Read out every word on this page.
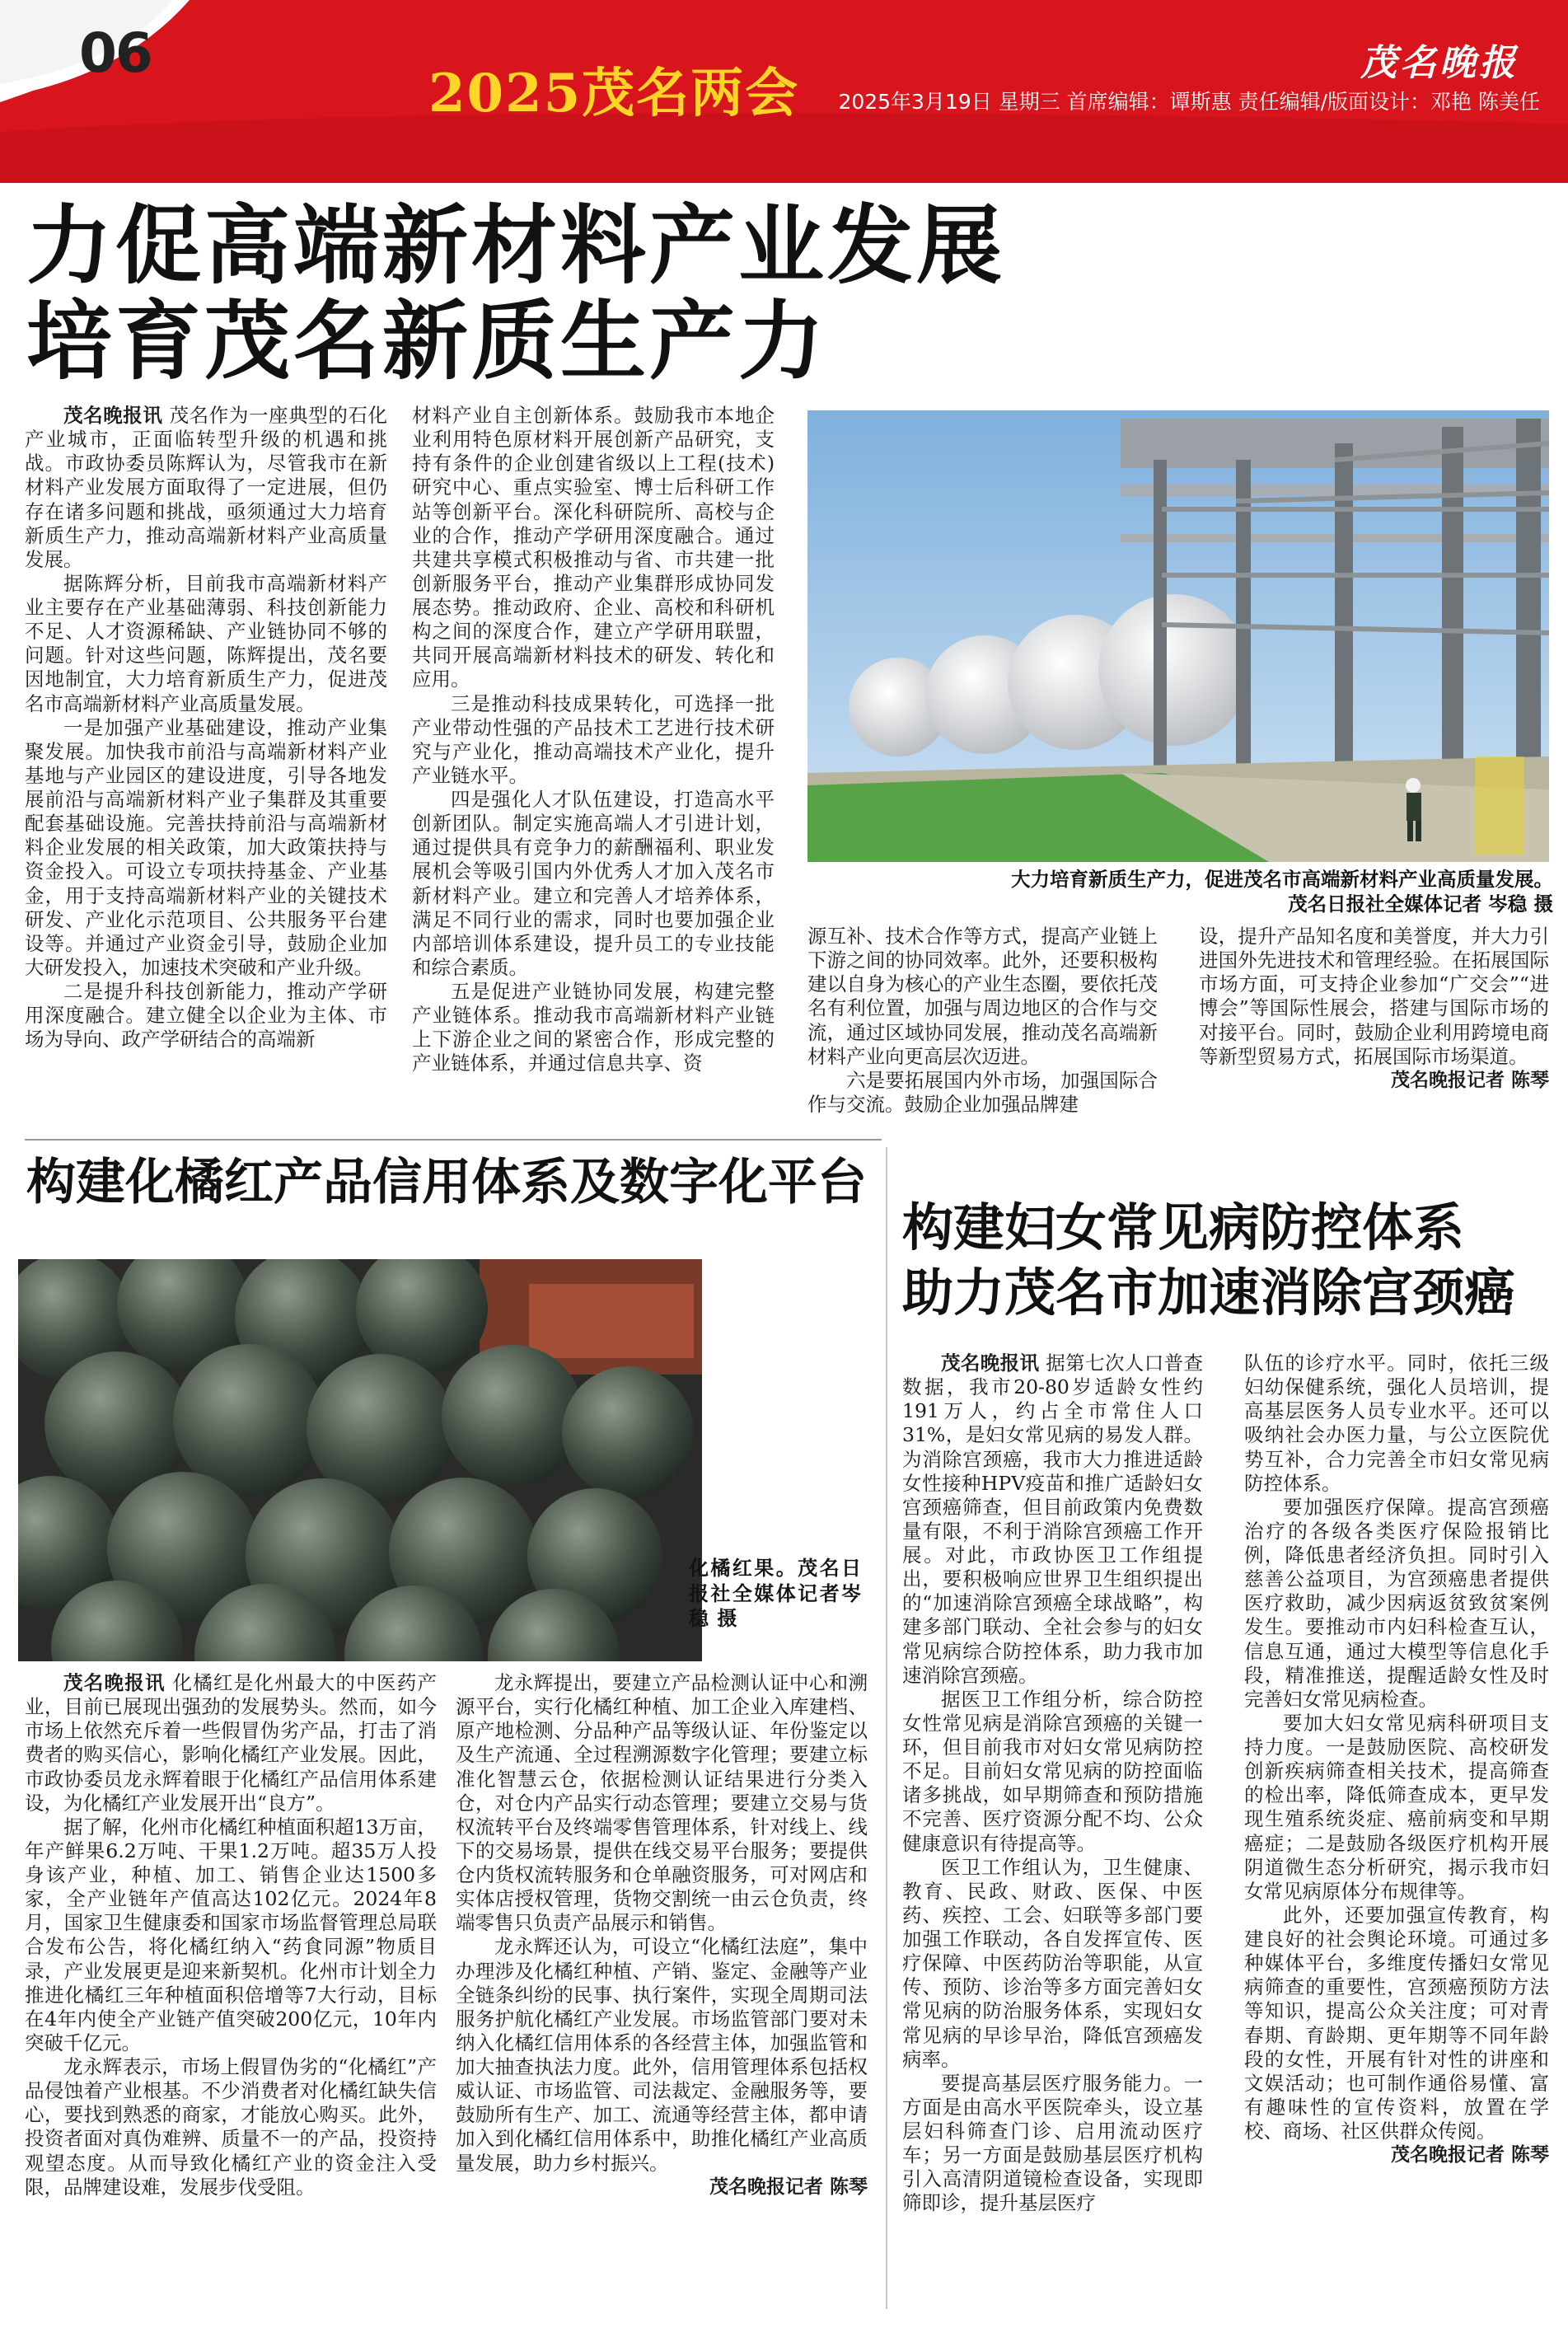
06
2025茂名两会	茂名晚报
2025年3月19日 星期三 首席编辑：谭斯惠 责任编辑/版面设计：邓艳 陈美任
力促高端新材料产业发展
培育茂名新质生产力

茂名晚报讯 茂名作为一座典型的石化产业城市，正面临转型升级的机遇和挑战。市政协委员陈辉认为，尽管我市在新材料产业发展方面取得了一定进展，但仍存在诸多问题和挑战，亟须通过大力培育新质生产力，推动高端新材料产业高质量发展。

据陈辉分析，目前我市高端新材料产业主要存在产业基础薄弱、科技创新能力不足、人才资源稀缺、产业链协同不够的问题。针对这些问题，陈辉提出，茂名要因地制宜，大力培育新质生产力，促进茂名市高端新材料产业高质量发展。

一是加强产业基础建设，推动产业集聚发展。加快我市前沿与高端新材料产业基地与产业园区的建设进度，引导各地发展前沿与高端新材料产业子集群及其重要配套基础设施。完善扶持前沿与高端新材料企业发展的相关政策，加大政策扶持与资金投入。可设立专项扶持基金、产业基金，用于支持高端新材料产业的关键技术研发、产业化示范项目、公共服务平台建设等。并通过产业资金引导，鼓励企业加大研发投入，加速技术突破和产业升级。

二是提升科技创新能力，推动产学研用深度融合。建立健全以企业为主体、市场为导向、政产学研结合的高端新

材料产业自主创新体系。鼓励我市本地企业利用特色原材料开展创新产品研究，支持有条件的企业创建省级以上工程(技术)研究中心、重点实验室、博士后科研工作站等创新平台。深化科研院所、高校与企业的合作，推动产学研用深度融合。通过共建共享模式积极推动与省、市共建一批创新服务平台，推动产业集群形成协同发展态势。推动政府、企业、高校和科研机构之间的深度合作，建立产学研用联盟，共同开展高端新材料技术的研发、转化和应用。

三是推动科技成果转化，可选择一批产业带动性强的产品技术工艺进行技术研究与产业化，推动高端技术产业化，提升产业链水平。

四是强化人才队伍建设，打造高水平创新团队。制定实施高端人才引进计划，通过提供具有竞争力的薪酬福利、职业发展机会等吸引国内外优秀人才加入茂名市新材料产业。建立和完善人才培养体系，满足不同行业的需求，同时也要加强企业内部培训体系建设，提升员工的专业技能和综合素质。

五是促进产业链协同发展，构建完整产业链体系。推动我市高端新材料产业链上下游企业之间的紧密合作，形成完整的产业链体系，并通过信息共享、资

源互补、技术合作等方式，提高产业链上下游之间的协同效率。此外，还要积极构建以自身为核心的产业生态圈，要依托茂名有利位置，加强与周边地区的合作与交流，通过区域协同发展，推动茂名高端新材料产业向更高层次迈进。

六是要拓展国内外市场，加强国际合作与交流。鼓励企业加强品牌建

设，提升产品知名度和美誉度，并大力引进国外先进技术和管理经验。在拓展国际市场方面，可支持企业参加“广交会”“进博会”等国际性展会，搭建与国际市场的对接平台。同时，鼓励企业利用跨境电商等新型贸易方式，拓展国际市场渠道。

茂名晚报记者 陈琴

大力培育新质生产力，促进茂名市高端新材料产业高质量发展。
茂名日报社全媒体记者 岑稳 摄
构建化橘红产品信用体系及数字化平台
化橘红果。茂名日报社全媒体记者岑稳 摄

茂名晚报讯 化橘红是化州最大的中医药产业，目前已展现出强劲的发展势头。然而，如今市场上依然充斥着一些假冒伪劣产品，打击了消费者的购买信心，影响化橘红产业发展。因此，市政协委员龙永辉着眼于化橘红产品信用体系建设，为化橘红产业发展开出“良方”。

据了解，化州市化橘红种植面积超13万亩，年产鲜果6.2万吨、干果1.2万吨。超35万人投身该产业，种植、加工、销售企业达1500多家，全产业链年产值高达102亿元。2024年8月，国家卫生健康委和国家市场监督管理总局联合发布公告，将化橘红纳入“药食同源”物质目录，产业发展更是迎来新契机。化州市计划全力推进化橘红三年种植面积倍增等7大行动，目标在4年内使全产业链产值突破200亿元，10年内突破千亿元。

龙永辉表示，市场上假冒伪劣的“化橘红”产品侵蚀着产业根基。不少消费者对化橘红缺失信心，要找到熟悉的商家，才能放心购买。此外，投资者面对真伪难辨、质量不一的产品，投资持观望态度。从而导致化橘红产业的资金注入受限，品牌建设难，发展步伐受阻。

龙永辉提出，要建立产品检测认证中心和溯源平台，实行化橘红种植、加工企业入库建档、原产地检测、分品种产品等级认证、年份鉴定以及生产流通、全过程溯源数字化管理；要建立标准化智慧云仓，依据检测认证结果进行分类入仓，对仓内产品实行动态管理；要建立交易与货权流转平台及终端零售管理体系，针对线上、线下的交易场景，提供在线交易平台服务；要提供仓内货权流转服务和仓单融资服务，可对网店和实体店授权管理，货物交割统一由云仓负责，终端零售只负责产品展示和销售。

龙永辉还认为，可设立“化橘红法庭”，集中办理涉及化橘红种植、产销、鉴定、金融等产业全链条纠纷的民事、执行案件，实现全周期司法服务护航化橘红产业发展。市场监管部门要对未纳入化橘红信用体系的各经营主体，加强监管和加大抽查执法力度。此外，信用管理体系包括权威认证、市场监管、司法裁定、金融服务等，要鼓励所有生产、加工、流通等经营主体，都申请加入到化橘红信用体系中，助推化橘红产业高质量发展，助力乡村振兴。

茂名晚报记者 陈琴

构建妇女常见病防控体系
助力茂名市加速消除宫颈癌

茂名晚报讯 据第七次人口普查数据，我市20-80岁适龄女性约191万人，约占全市常住人口31%，是妇女常见病的易发人群。为消除宫颈癌，我市大力推进适龄女性接种HPV疫苗和推广适龄妇女宫颈癌筛查，但目前政策内免费数量有限，不利于消除宫颈癌工作开展。对此，市政协医卫工作组提出，要积极响应世界卫生组织提出的“加速消除宫颈癌全球战略”，构建多部门联动、全社会参与的妇女常见病综合防控体系，助力我市加速消除宫颈癌。

据医卫工作组分析，综合防控女性常见病是消除宫颈癌的关键一环，但目前我市对妇女常见病防控不足。目前妇女常见病的防控面临诸多挑战，如早期筛查和预防措施不完善、医疗资源分配不均、公众健康意识有待提高等。

医卫工作组认为，卫生健康、教育、民政、财政、医保、中医药、疾控、工会、妇联等多部门要加强工作联动，各自发挥宣传、医疗保障、中医药防治等职能，从宣传、预防、诊治等多方面完善妇女常见病的防治服务体系，实现妇女常见病的早诊早治，降低宫颈癌发病率。

要提高基层医疗服务能力。一方面是由高水平医院牵头，设立基层妇科筛查门诊、启用流动医疗车；另一方面是鼓励基层医疗机构引入高清阴道镜检查设备，实现即筛即诊，提升基层医疗

队伍的诊疗水平。同时，依托三级妇幼保健系统，强化人员培训，提高基层医务人员专业水平。还可以吸纳社会办医力量，与公立医院优势互补，合力完善全市妇女常见病防控体系。

要加强医疗保障。提高宫颈癌治疗的各级各类医疗保险报销比例，降低患者经济负担。同时引入慈善公益项目，为宫颈癌患者提供医疗救助，减少因病返贫致贫案例发生。要推动市内妇科检查互认，信息互通，通过大模型等信息化手段，精准推送，提醒适龄女性及时完善妇女常见病检查。

要加大妇女常见病科研项目支持力度。一是鼓励医院、高校研发创新疾病筛查相关技术，提高筛查的检出率，降低筛查成本，更早发现生殖系统炎症、癌前病变和早期癌症；二是鼓励各级医疗机构开展阴道微生态分析研究，揭示我市妇女常见病原体分布规律等。

此外，还要加强宣传教育，构建良好的社会舆论环境。可通过多种媒体平台，多维度传播妇女常见病筛查的重要性，宫颈癌预防方法等知识，提高公众关注度；可对青春期、育龄期、更年期等不同年龄段的女性，开展有针对性的讲座和文娱活动；也可制作通俗易懂、富有趣味性的宣传资料，放置在学校、商场、社区供群众传阅。

茂名晚报记者 陈琴
